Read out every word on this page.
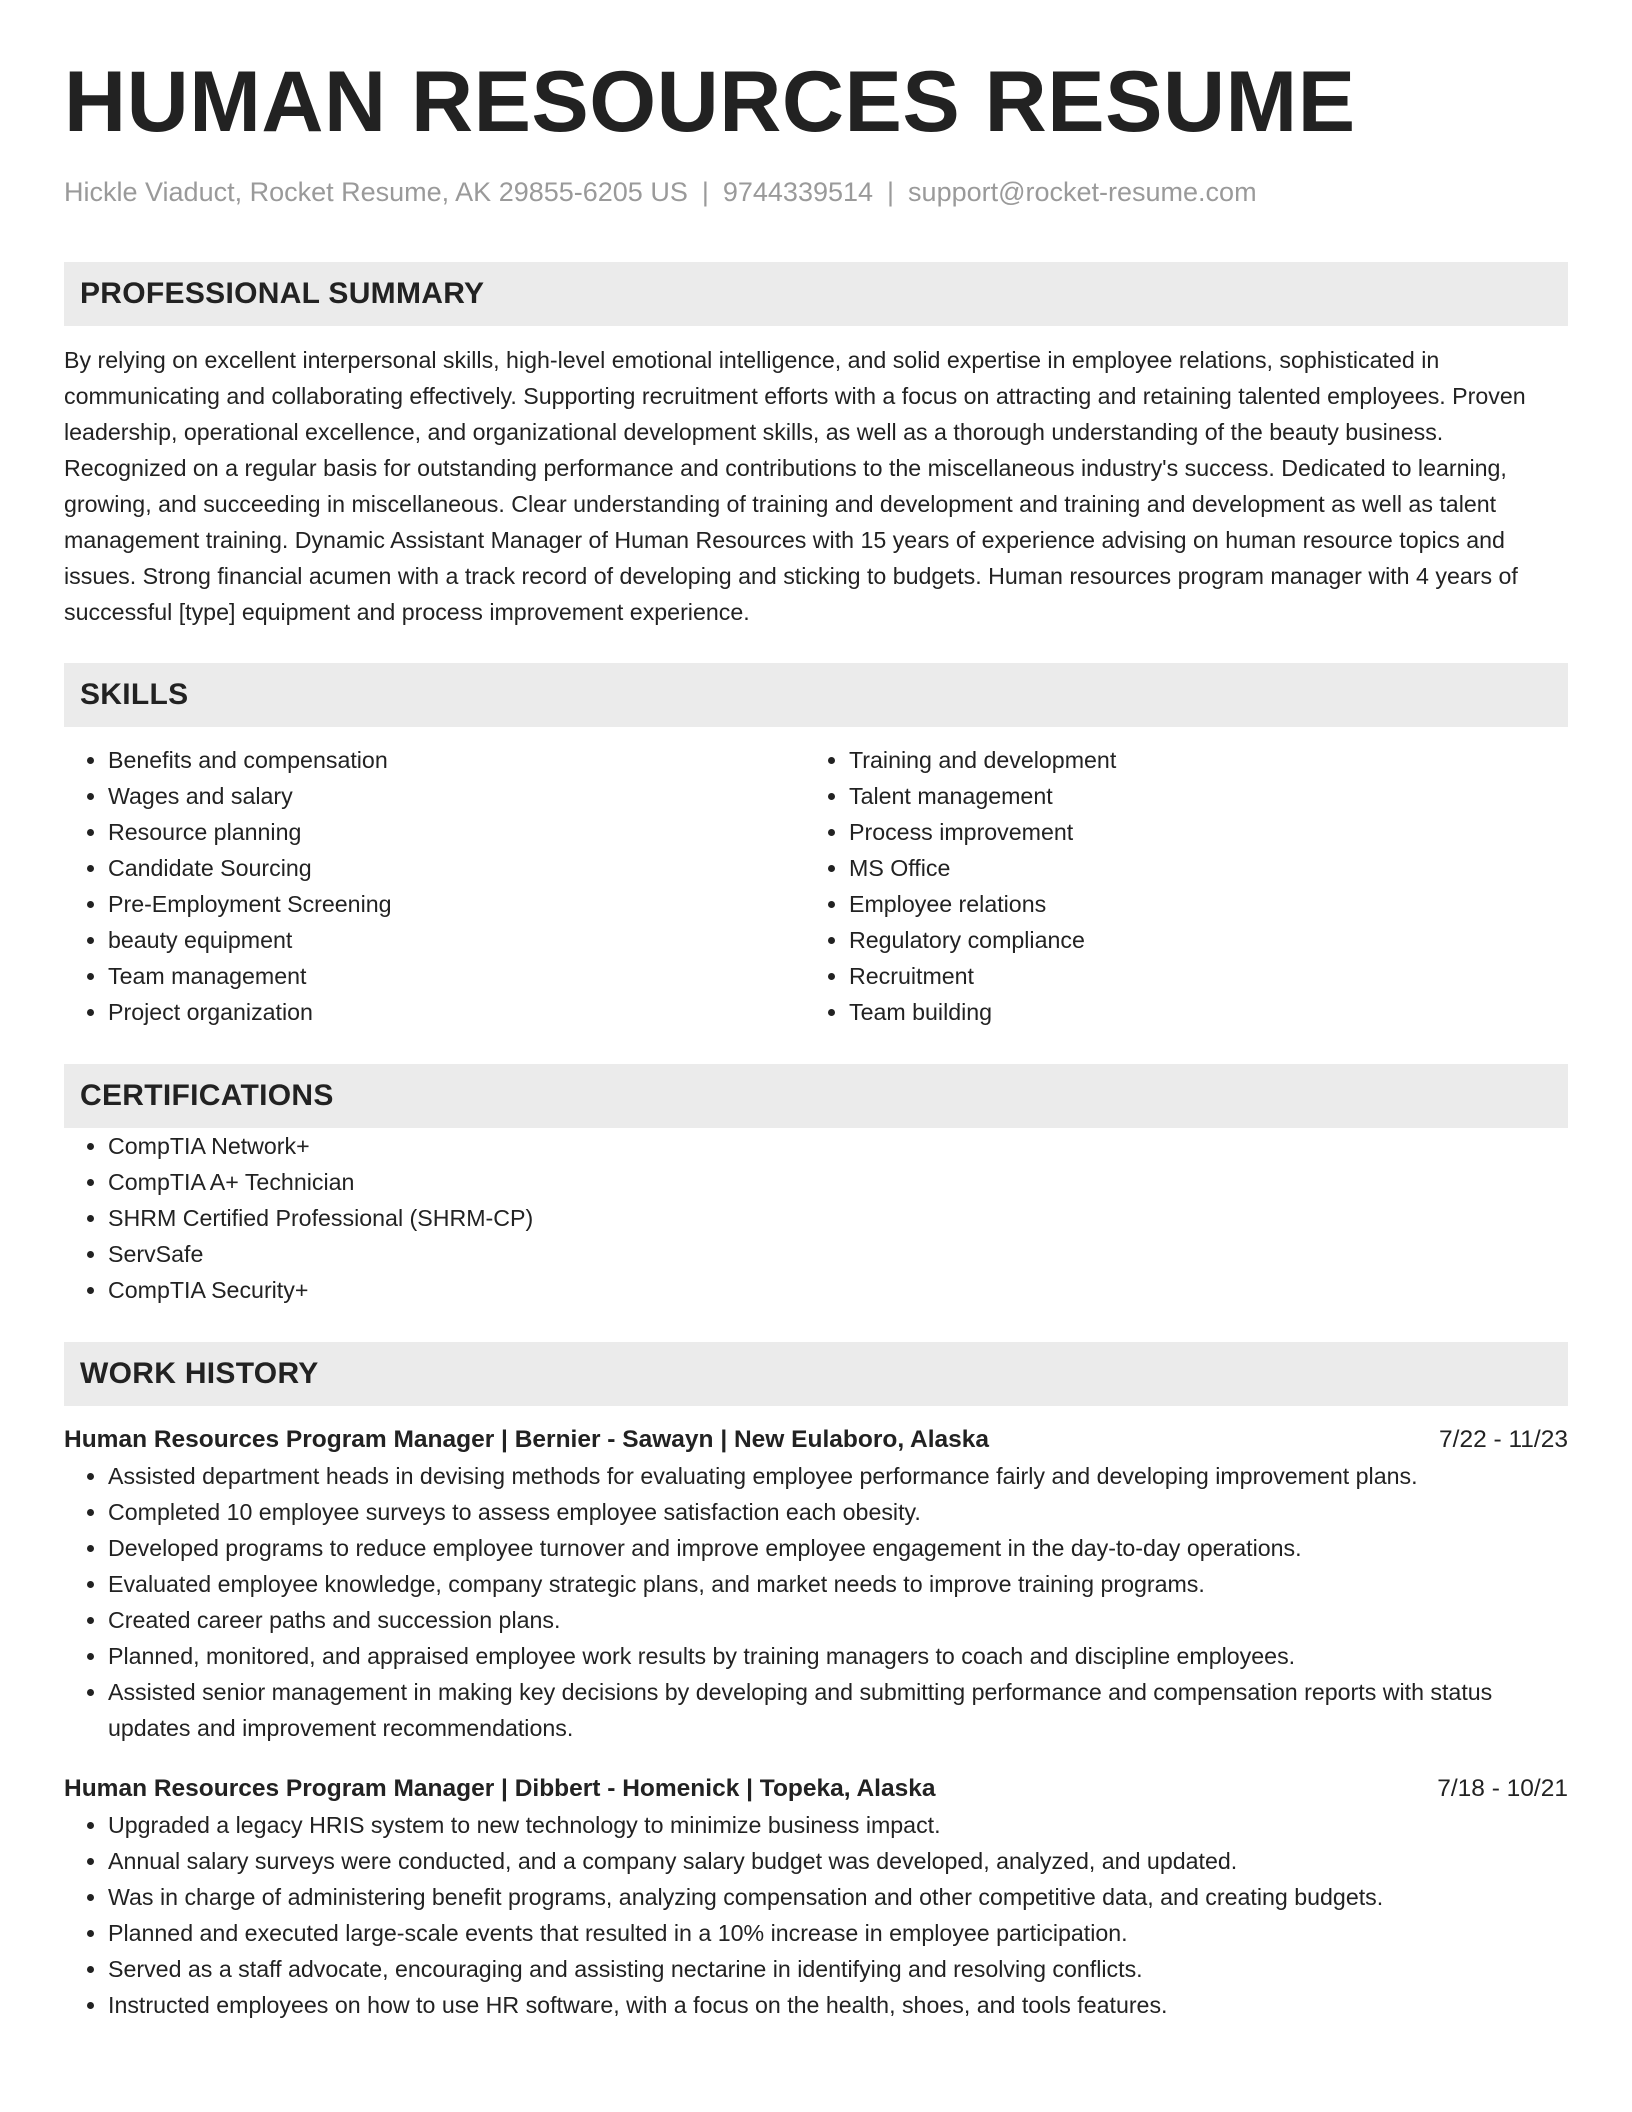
HUMAN RESOURCES RESUME
Hickle Viaduct, Rocket Resume, AK 29855-6205 US | 9744339514 | support@rocket-resume.com
PROFESSIONAL SUMMARY
By relying on excellent interpersonal skills, high-level emotional intelligence, and solid expertise in employee relations, sophisticated in communicating and collaborating effectively. Supporting recruitment efforts with a focus on attracting and retaining talented employees. Proven leadership, operational excellence, and organizational development skills, as well as a thorough understanding of the beauty business. Recognized on a regular basis for outstanding performance and contributions to the miscellaneous industry's success. Dedicated to learning, growing, and succeeding in miscellaneous. Clear understanding of training and development and training and development as well as talent management training. Dynamic Assistant Manager of Human Resources with 15 years of experience advising on human resource topics and issues. Strong financial acumen with a track record of developing and sticking to budgets. Human resources program manager with 4 years of successful [type] equipment and process improvement experience.
SKILLS
• Benefits and compensation
• Wages and salary
• Resource planning
• Candidate Sourcing
• Pre-Employment Screening
• beauty equipment
• Team management
• Project organization
• Training and development
• Talent management
• Process improvement
• MS Office
• Employee relations
• Regulatory compliance
• Recruitment
• Team building
CERTIFICATIONS
• CompTIA Network+
• CompTIA A+ Technician
• SHRM Certified Professional (SHRM-CP)
• ServSafe
• CompTIA Security+
WORK HISTORY
Human Resources Program Manager | Bernier - Sawayn | New Eulaboro, Alaska	7/22 - 11/23
• Assisted department heads in devising methods for evaluating employee performance fairly and developing improvement plans.
• Completed 10 employee surveys to assess employee satisfaction each obesity.
• Developed programs to reduce employee turnover and improve employee engagement in the day-to-day operations.
• Evaluated employee knowledge, company strategic plans, and market needs to improve training programs.
• Created career paths and succession plans.
• Planned, monitored, and appraised employee work results by training managers to coach and discipline employees.
• Assisted senior management in making key decisions by developing and submitting performance and compensation reports with status updates and improvement recommendations.
Human Resources Program Manager | Dibbert - Homenick | Topeka, Alaska	7/18 - 10/21
• Upgraded a legacy HRIS system to new technology to minimize business impact.
• Annual salary surveys were conducted, and a company salary budget was developed, analyzed, and updated.
• Was in charge of administering benefit programs, analyzing compensation and other competitive data, and creating budgets.
• Planned and executed large-scale events that resulted in a 10% increase in employee participation.
• Served as a staff advocate, encouraging and assisting nectarine in identifying and resolving conflicts.
• Instructed employees on how to use HR software, with a focus on the health, shoes, and tools features.
